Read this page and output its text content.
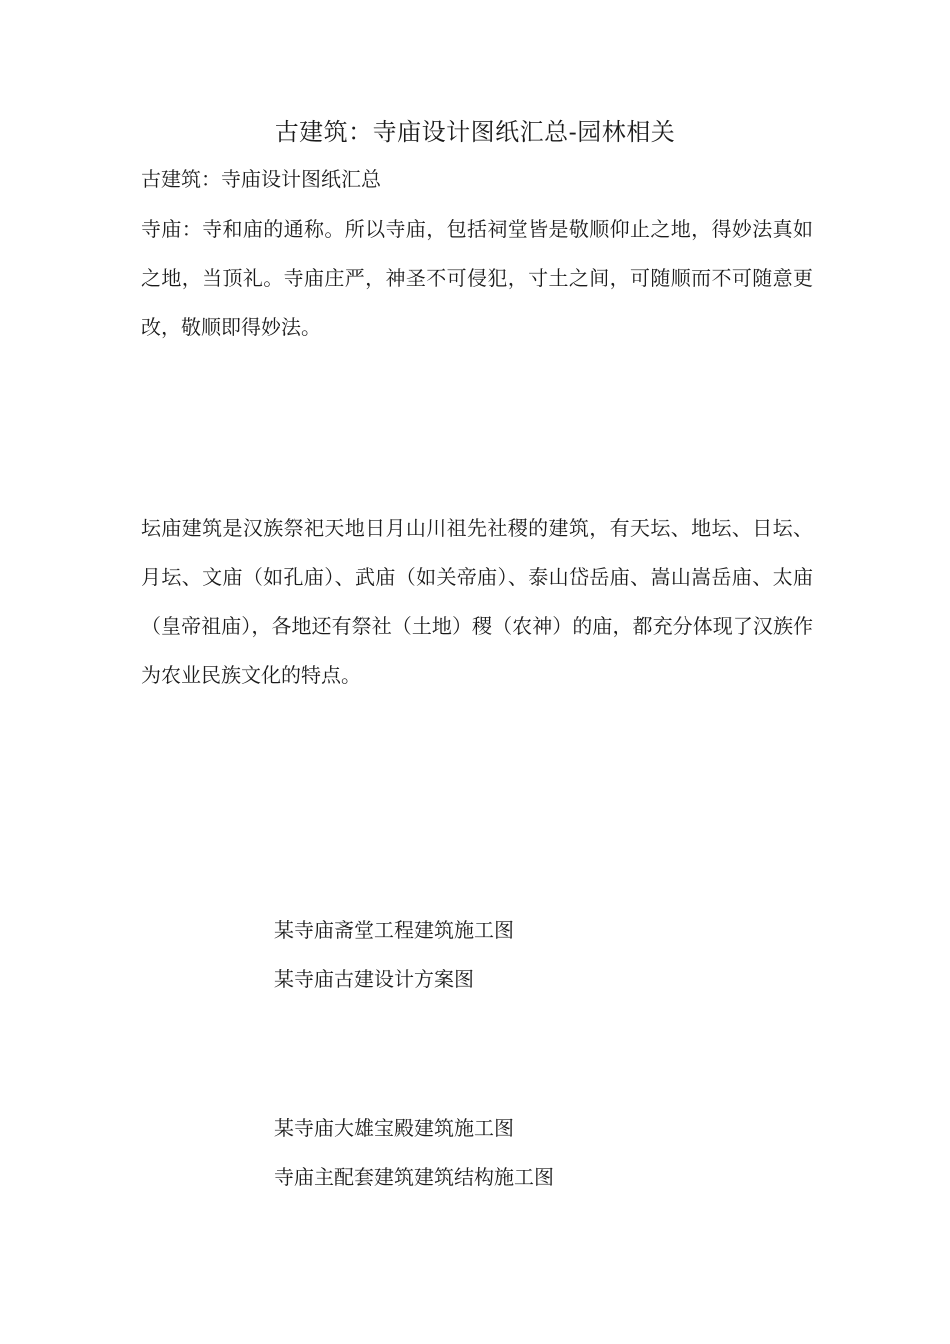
古建筑：寺庙设计图纸汇总-园林相关
古建筑：寺庙设计图纸汇总

寺庙：寺和庙的通称。所以寺庙，包括祠堂皆是敬顺仰止之地，得妙法真如之地，当顶礼。寺庙庄严，神圣不可侵犯，寸土之间，可随顺而不可随意更改，敬顺即得妙法。

坛庙建筑是汉族祭祀天地日月山川祖先社稷的建筑，有天坛、地坛、日坛、月坛、文庙（如孔庙）、武庙（如关帝庙）、泰山岱岳庙、嵩山嵩岳庙、太庙（皇帝祖庙），各地还有祭社（土地）稷（农神）的庙，都充分体现了汉族作为农业民族文化的特点。

某寺庙斋堂工程建筑施工图
某寺庙古建设计方案图
某寺庙大雄宝殿建筑施工图
寺庙主配套建筑建筑结构施工图
